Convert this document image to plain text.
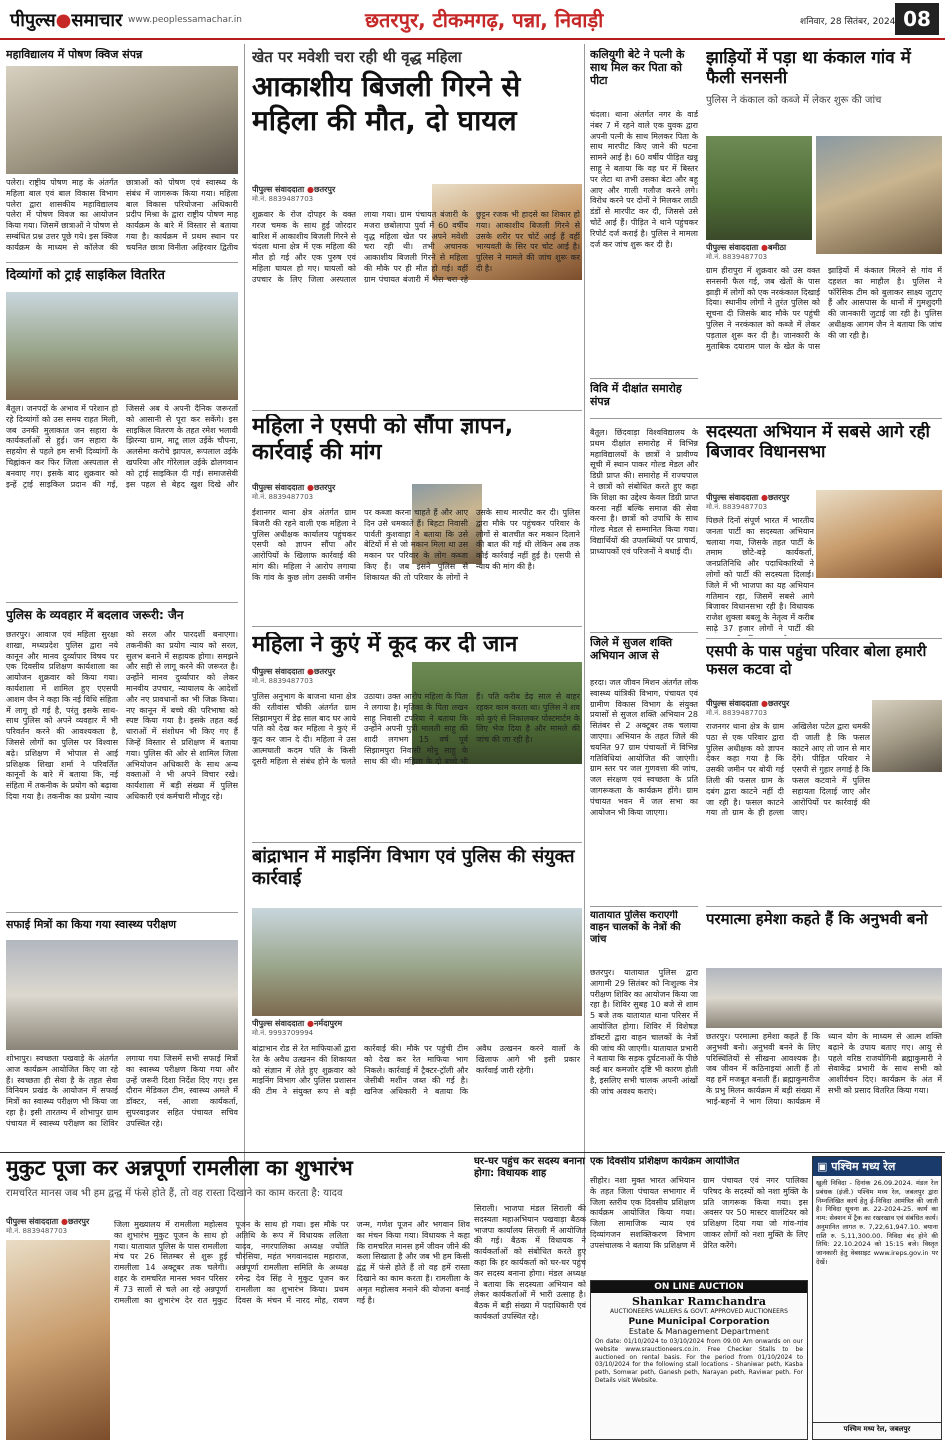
पीपुल्स●समाचार www.peoplessamachar.in	छतरपुर, टीकमगढ़, पन्ना, निवाड़ी	शनिवार, 28 सितंबर, 2024 08
महाविद्यालय में पोषण क्विज संपन्न
पलेरा। राष्ट्रीय पोषण माह के अंतर्गत महिला बाल एवं बाल विकास विभाग पलेरा द्वारा शासकीय महाविद्यालय पलेरा में पोषण विवज का आयोजन किया गया। जिसमें छात्राओं ने पोषण से सम्बंधित प्रश्न उत्तर पूछे गये। इस क्विज कार्यक्रम के माध्यम से कॉलेज की छात्राओं को पोषण एवं स्वास्थ्य के संबंध में जागरूक किया गया। महिला बाल विकास परियोजना अधिकारी प्रदीप मिश्रा के द्वारा राष्ट्रीय पोषण माह कार्यक्रम के बारे में विस्तार से बताया गया है। कार्यक्रम में प्रथम स्थान पर चयनित छात्रा विनीता अहिरवार द्वितीय
दिव्यांगों को ट्राई साइकिल वितरित
बैतूल। जनपदों के अभाव में परेशान हो रहे दिव्यांगों को उस समय राहत मिली, जब उनकी मुलाकात जन सहारा के कार्यकर्ताओं से हुई। जन सहारा के सहयोग से पहले हम सभी दिव्यांगों के चिह्नांकन कर फिर जिला अस्पताल से बनवाए गए। इसके बाद शुक्रवार को इन्हें ट्राई साइकिल प्रदान की गई, जिससे अब ये अपनी दैनिक जरूरतों को आसानी से पूरा कर सकेंगे। इस साइकिल वितरण के तहत रमेश भलावी झिरन्या ग्राम, माटू लाल उईके चौपना, अलसेमा करोचे झापल, रूपलाल उईके खपरिया और गोरेलाल उईके ढोलगवान को ट्राई साइकिल दी गई। समाजसेवी इस पहल से बेहद खुश दिखे और
पुलिस के व्यवहार में बदलाव जरूरी: जैन
छतरपुर। आवाज एवं महिला सुरक्षा शाखा, मध्यप्रदेश पुलिस द्वारा नये कानून और मानव दुर्व्यापार विषय पर एक दिवसीय प्रशिक्षण कार्यशाला का आयोजन शुक्रवार को किया गया। कार्यशाला में शामिल हुए एएसपी आशम जैन ने कहा कि नई विधि संहिता में लागू हो गई है, परंतु इसके साथ-साथ पुलिस को अपने व्यवहार में भी परिवर्तन करने की आवश्यकता है, जिससे लोगों का पुलिस पर विश्वास बढ़े। प्रशिक्षण में भोपाल से आई प्रशिक्षक शिखा शर्मा ने परिवर्तित कानूनों के बारे में बताया कि, नई संहिता में तकनीक के प्रयोग को बढ़ावा दिया गया है। तकनीक का प्रयोग न्याय को सरल और पारदर्शी बनाएगा। तकनीकी का प्रयोग न्याय को सरल, सुलभ बनाने में सहायक होगा। समझने और सही से लागू करने की जरूरत है। उन्होंने मानव दुर्व्यापार को लेकर मानवीय उपचार, न्यायालय के आदेशों और नए प्रावधानों का भी जिक्र किया। नए कानून में बच्चे की परिभाषा को स्पष्ट किया गया है। इसके तहत कई धाराओं में संशोधन भी किए गए हैं जिन्हें विस्तार से प्रशिक्षण में बताया गया। पुलिस की ओर से शामिल जिला अभियोजन अधिकारी के साथ अन्य वक्ताओं ने भी अपने विचार रखे। कार्यशाला में बड़ी संख्या में पुलिस अधिकारी एवं कर्मचारी मौजूद रहे।
सफाई मित्रों का किया गया स्वास्थ्य परीक्षण
शोभापुर। स्वच्छता पखवाड़े के अंतर्गत आज कार्यक्रम आयोजित किए जा रहे हैं। स्वच्छता ही सेवा है के तहत सेवा विनियम प्रखंड के आयोजन में सफाई मित्रों का स्वास्थ्य परीक्षण भी किया जा रहा है। इसी तारतम्य में शोभापुर ग्राम पंचायत में स्वास्थ्य परीक्षण का शिविर लगाया गया जिसमें सभी सफाई मित्रों का स्वास्थ्य परीक्षण किया गया और उन्हें जरूरी दिशा निर्देश दिए गए। इस दौरान मेडिकल टीम, स्वास्थ्य अमले में डॉक्टर, नर्स, आशा कार्यकर्ता, सुपरवाइजर सहित पंचायत सचिव उपस्थित रहे।
खेत पर मवेशी चरा रही थी वृद्ध महिला
आकाशीय बिजली गिरने से महिला की मौत, दो घायल
पीपुल्स संवाददाता ●छतरपुर
मो.नं. 8839487703
शुक्रवार के रोज दोपहर के वक्त गरज चमक के साथ हुई जोरदार बारिश में आकाशीय बिजली गिरने से चंदला थाना क्षेत्र में एक महिला की मौत हो गई और एक पुरुष एवं महिला घायल हो गए। घायलों को उपचार के लिए जिला अस्पताल लाया गया। ग्राम पंचायत बंजारी के मजरा छबोलापा पुर्वा में 60 वर्षीय वृद्ध महिला खेत पर अपने मवेशी चरा रही थी। तभी अचानक आकाशीय बिजली गिरने से महिला की मौके पर ही मौत हो गई। वहीं ग्राम पंचायत बंजारी में भैस चरा रहे छुट्टन रजक भी हादसे का शिकार हो गया। आकाशीय बिजली गिरने से उसके शरीर पर चोटें आई हैं वहीं भाग्यवती के सिर पर चोट आई है। पुलिस ने मामले की जांच शुरू कर दी है।
महिला ने एसपी को सौंपा ज्ञापन, कार्रवाई की मांग
पीपुल्स संवाददाता ●छतरपुर
मो.नं. 8839487703
ईशानगर थाना क्षेत्र अंतर्गत ग्राम बिजरी की रहने वाली एक महिला ने पुलिस अधीक्षक कार्यालय पहुंचकर एसपी को ज्ञापन सौंपा और आरोपियों के खिलाफ कार्रवाई की मांग की। महिला ने आरोप लगाया कि गांव के कुछ लोग उसकी जमीन पर कब्जा करना चाहते हैं और आए दिन उसे धमकाते हैं। बिहटा निवासी पार्वती कुशवाहा ने बताया कि उसे बेटियों में से जो मकान मिला था उस मकान पर परिवार के लोग कब्जा किए हैं। जब इसने पुलिस से शिकायत की तो परिवार के लोगों ने उसके साथ मारपीट कर दी। पुलिस द्वारा मौके पर पहुंचकर परिवार के लोगों से बातचीत कर मकान दिलाने की बात की गई थी लेकिन अब तक कोई कार्रवाई नहीं हुई है। एसपी से न्याय की मांग की है।
महिला ने कुएं में कूद कर दी जान
पीपुल्स संवाददाता ●छतरपुर
मो.नं. 8839487703
पुलिस अनुभाग के बाजना थाना क्षेत्र की रतीवांस चौकी अंतर्गत ग्राम सिझामपुरा में डेढ़ साल बाद घर आये पति को देख कर महिला ने कुएं में कूद कर जान दे दी। महिला ने उस आत्मघाती कदम पति के किसी दूसरी महिला से संबंध होने के चलते उठाया। उक्त आरोप महिला के पिता ने लगाया है। मृतिका के पिता लखन साहू निवासी टपरिया ने बताया कि उन्होंने अपनी पुत्री मालती साहू की शादी लगभग 15 वर्ष पूर्व सिझामपुरा निवासी मोनू साहू के साथ की थी। महिला के दो बच्चे भी हैं। पति करीब डेढ़ साल से बाहर रहकर काम करता था। पुलिस ने शव को कुएं से निकालकर पोस्टमार्टम के लिए भेज दिया है और मामले की जांच की जा रही है।
बांद्राभान में माइनिंग विभाग एवं पुलिस की संयुक्त कार्रवाई
पीपुल्स संवाददाता ●नर्मदापुरम
मो.नं. 9993709994
बांद्राभान रोड से रेत माफियाओं द्वारा रेत के अवैध उत्खनन की शिकायत को संज्ञान में लेते हुए शुक्रवार को माइनिंग विभाग और पुलिस प्रशासन की टीम ने संयुक्त रूप से बड़ी कार्रवाई की। मौके पर पहुंची टीम को देख कर रेत माफिया भाग निकले। कार्रवाई में ट्रैक्टर-ट्रॉली और जेसीबी मशीन जब्त की गई है। खनिज अधिकारी ने बताया कि अवैध उत्खनन करने वालों के खिलाफ आगे भी इसी प्रकार कार्रवाई जारी रहेगी।
कलियुगी बेटे ने पत्नी के साथ मिल कर पिता को पीटा
चंदला। थाना अंतर्गत नगर के वार्ड नंबर 7 में रहने वाले एक युवक द्वारा अपनी पत्नी के साथ मिलकर पिता के साथ मारपीट किए जाने की घटना सामने आई है। 60 वर्षीय पीड़ित खन्नू साहू ने बताया कि वह घर में बिस्तर पर लेटा था तभी उसका बेटा और बहू आए और गाली गलौज करने लगे। विरोध करने पर दोनों ने मिलकर लाठी डंडों से मारपीट कर दी, जिससे उसे चोटें आई हैं। पीड़ित ने थाने पहुंचकर रिपोर्ट दर्ज कराई है। पुलिस ने मामला दर्ज कर जांच शुरू कर दी है।
विवि में दीक्षांत समारोह संपन्न
बैतूल। छिंदवाड़ा विश्वविद्यालय के प्रथम दीक्षांत समारोह में विभिन्न महाविद्यालयों के छात्रों ने प्रावीण्य सूची में स्थान पाकर गोल्ड मेडल और डिग्री प्राप्त की। समारोह में राज्यपाल ने छात्रों को संबोधित करते हुए कहा कि शिक्षा का उद्देश्य केवल डिग्री प्राप्त करना नहीं बल्कि समाज की सेवा करना है। छात्रों को उपाधि के साथ गोल्ड मेडल से सम्मानित किया गया। विद्यार्थियों की उपलब्धियों पर प्राचार्य, प्राध्यापकों एवं परिजनों ने बधाई दी।
जिले में सुजल शक्ति अभियान आज से
हरदा। जल जीवन मिशन अंतर्गत लोक स्वास्थ्य यांत्रिकी विभाग, पंचायत एवं ग्रामीण विकास विभाग के संयुक्त प्रयासों से सुजल शक्ति अभियान 28 सितंबर से 2 अक्टूबर तक चलाया जाएगा। अभियान के तहत जिले की चयनित 97 ग्राम पंचायतों में विभिन्न गतिविधियां आयोजित की जाएंगी। ग्राम स्तर पर जल गुणवत्ता की जांच, जल संरक्षण एवं स्वच्छता के प्रति जागरूकता के कार्यक्रम होंगे। ग्राम पंचायत भवन में जल सभा का आयोजन भी किया जाएगा।
यातायात पुलिस कराएगी वाहन चालकों के नेत्रों की जांच
छतरपुर। यातायात पुलिस द्वारा आगामी 29 सितंबर को निःशुल्क नेत्र परीक्षण शिविर का आयोजन किया जा रहा है। शिविर सुबह 10 बजे से शाम 5 बजे तक यातायात थाना परिसर में आयोजित होगा। शिविर में विशेषज्ञ डॉक्टरों द्वारा वाहन चालकों के नेत्रों की जांच की जाएगी। यातायात प्रभारी ने बताया कि सड़क दुर्घटनाओं के पीछे कई बार कमजोर दृष्टि भी कारण होती है, इसलिए सभी चालक अपनी आंखों की जांच अवश्य कराएं।
झाड़ियों में पड़ा था कंकाल गांव में फैली सनसनी
पुलिस ने कंकाल को कब्जे में लेकर शुरू की जांच
पीपुल्स संवाददाता ●बमीठा
मो.नं. 8839487703
ग्राम हीरापुरा में शुक्रवार को उस वक्त सनसनी फैल गई, जब खेतों के पास झाड़ी में लोगों को एक नरकंकाल दिखाई दिया। स्थानीय लोगों ने तुरंत पुलिस को सूचना दी जिसके बाद मौके पर पहुंची पुलिस ने नरकंकाल को कब्जे में लेकर पड़ताल शुरू कर दी है। जानकारी के मुताबिक दयाराम पाल के खेत के पास झाड़ियों में कंकाल मिलने से गांव में दहशत का माहौल है। पुलिस ने फॉरेंसिक टीम को बुलाकर साक्ष्य जुटाए हैं और आसपास के थानों में गुमशुदगी की जानकारी जुटाई जा रही है। पुलिस अधीक्षक आगम जैन ने बताया कि जांच की जा रही है।
सदस्यता अभियान में सबसे आगे रही बिजावर विधानसभा
पीपुल्स संवाददाता ●छतरपुर
मो.नं. 8839487703
पिछले दिनों संपूर्ण भारत में भारतीय जनता पार्टी का सदस्यता अभियान चलाया गया, जिसके तहत पार्टी के तमाम छोटे-बड़े कार्यकर्ता, जनप्रतिनिधि और पदाधिकारियों ने लोगों को पार्टी की सदस्यता दिलाई। जिले में भी भाजपा का यह अभियान गतिमान रहा, जिसमें सबसे आगे बिजावर विधानसभा रही है। विधायक राजेश शुक्ला बबलू के नेतृत्व में करीब साढ़े 37 हजार लोगों ने पार्टी की
एसपी के पास पहुंचा परिवार बोला हमारी फसल कटवा दो
पीपुल्स संवाददाता ●छतरपुर
मो.नं. 8839487703
राजनगर थाना क्षेत्र के ग्राम पठा से एक परिवार द्वारा पुलिस अधीक्षक को ज्ञापन देकर कहा गया है कि उसकी जमीन पर बोयी गई तिली की फसल ग्राम के दबंग द्वारा काटने नहीं दी जा रही है। फसल काटने गया तो ग्राम के ही हल्ला अखिलेश पटेल द्वारा धमकी दी जाती है कि फसल काटने आए तो जान से मार देंगे। पीड़ित परिवार ने एसपी से गुहार लगाई है कि फसल कटवाने में पुलिस सहायता दिलाई जाए और आरोपियों पर कार्रवाई की जाए।
परमात्मा हमेशा कहते हैं कि अनुभवी बनो
छतरपुर। परमात्मा हमेशा कहते हैं कि अनुभवी बनो। अनुभवी बनने के लिए परिस्थितियों से सीखना आवश्यक है। जब जीवन में कठिनाइयां आती हैं तो वह हमें मजबूत बनाती हैं। ब्रह्माकुमारीज के प्रभु मिलन कार्यक्रम में बड़ी संख्या में भाई-बहनों ने भाग लिया। कार्यक्रम में ध्यान योग के माध्यम से आत्म शक्ति बढ़ाने के उपाय बताए गए। आयु से पहले वरिष्ठ राजयोगिनी ब्रह्माकुमारी ने सेवाकेंद्र प्रभारी के साथ सभी को आशीर्वचन दिए। कार्यक्रम के अंत में सभी को प्रसाद वितरित किया गया।
मुकुट पूजा कर अन्नपूर्णा रामलीला का शुभारंभ
रामचरित मानस जब भी हम द्वन्द्व में फंसे होते हैं, तो वह रास्ता दिखाने का काम करता है: यादव
पीपुल्स संवाददाता ●छतरपुर
मो.नं. 8839487703
जिला मुख्यालय में रामलीला महोत्सव का शुभारंभ मुकुट पूजन के साथ हो गया। यातायात पुलिस के पास रामलीला मंच पर 26 सितम्बर से शुरू हुई रामलीला 14 अक्टूबर तक चलेगी। शहर के रामचरित मानस भवन परिसर में 73 सालों से चले आ रहे अन्नपूर्णा रामलीला का शुभारंभ देर रात मुकुट पूजन के साथ हो गया। इस मौके पर अतिथि के रूप में विधायक ललिता यादव, नगरपालिका अध्यक्ष ज्योति चौरसिया, महंत भगवानदास महाराज, अन्नपूर्णा रामलीला समिति के अध्यक्ष रमेन्द्र देव सिंह ने मुकुट पूजन कर रामलीला का शुभारंभ किया। प्रथम दिवस के मंचन में नारद मोह, रावण जन्म, गणेश पूजन और भगवान शिव का मंचन किया गया। विधायक ने कहा कि रामचरित मानस हमें जीवन जीने की कला सिखाता है और जब भी हम किसी द्वंद्व में फंसे होते हैं तो वह हमें रास्ता दिखाने का काम करता है। रामलीला के अमृत महोत्सव मनाने की योजना बनाई गई है।
घर-घर पहुंच कर सदस्य बनाना होगा: विधायक शाह
सिराली। भाजपा मंडल सिराली की सदस्यता महाअभियान पखवाड़ा बैठक भाजपा कार्यालय सिराली में आयोजित की गई। बैठक में विधायक ने कार्यकर्ताओं को संबोधित करते हुए कहा कि हर कार्यकर्ता को घर-घर पहुंच कर सदस्य बनाना होगा। मंडल अध्यक्ष ने बताया कि सदस्यता अभियान को लेकर कार्यकर्ताओं में भारी उत्साह है। बैठक में बड़ी संख्या में पदाधिकारी एवं कार्यकर्ता उपस्थित रहे।
एक दिवसीय प्रशिक्षण कार्यक्रम आयोजित
सीहोर। नशा मुक्त भारत अभियान के तहत जिला पंचायत सभागार में जिला स्तरीय एक दिवसीय प्रशिक्षण कार्यक्रम आयोजित किया गया। जिला सामाजिक न्याय एवं दिव्यांगजन सशक्तिकरण विभाग उपसंचालक ने बताया कि प्रशिक्षण में ग्राम पंचायत एवं नगर पालिका परिषद के सदस्यों को नशा मुक्ति के प्रति जागरूक किया गया। इस अवसर पर 50 मास्टर वालंटियर को प्रशिक्षण दिया गया जो गांव-गांव जाकर लोगों को नशा मुक्ति के लिए प्रेरित करेंगे।
ON LINE AUCTION
Shankar Ramchandra
AUCTIONEERS VALUERS & GOVT. APPROVED AUCTIONEERS
Pune Municipal Corporation
Estate & Management Department
On date: 01/10/2024 to 03/10/2024 from 09.00 Am onwards on our website www.srauctioneers.co.in. Free Checker Stalls to be auctioned on rental basis. For the period from 01/10/2024 to 03/10/2024 for the following stall locations - Shaniwar peth, Kasba peth, Somwar peth, Ganesh peth, Narayan peth, Raviwar peth. For Details visit Website.
▣ पश्चिम मध्य रेल
खुली निविदा - दिनांक 26.09.2024. मंडल रेल प्रबंधक (इंजी.) पश्चिम मध्य रेल, जबलपुर द्वारा निम्नलिखित कार्य हेतु ई-निविदा आमंत्रित की जाती है। निविदा सूचना क्र. 22-2024-25. कार्य का नाम: सेक्शन में ट्रैक का रखरखाव एवं संबंधित कार्य। अनुमानित लागत रु. 7,22,61,947.10. बयाना राशि रु. 5,11,300.00. निविदा बंद होने की तिथि: 22.10.2024 को 15:15 बजे। विस्तृत जानकारी हेतु वेबसाइट www.ireps.gov.in पर देखें।
पश्चिम मध्य रेल, जबलपुर
